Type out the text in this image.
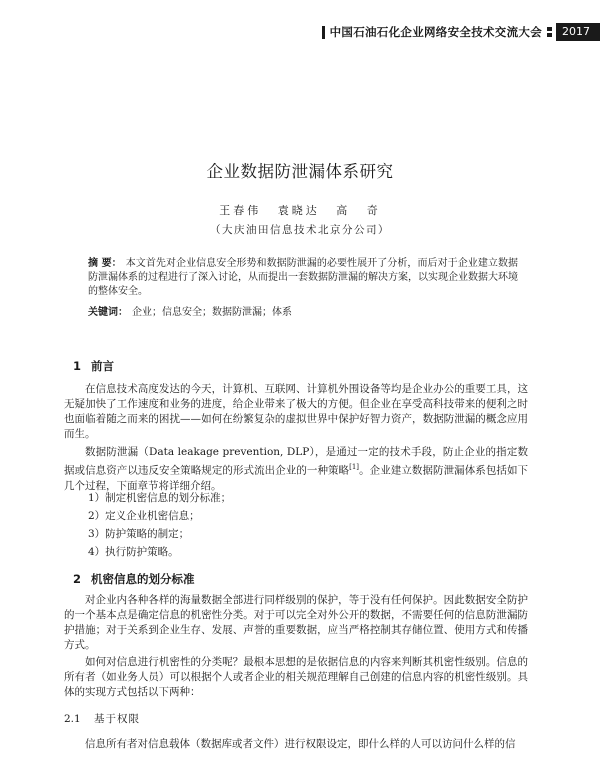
中国石油石化企业网络安全技术交流大会	2017
企业数据防泄漏体系研究
王春伟 袁晓达 高 奇
（大庆油田信息技术北京分公司）
摘 要： 本文首先对企业信息安全形势和数据防泄漏的必要性展开了分析，而后对于企业建立数据防泄漏体系的过程进行了深入讨论，从而提出一套数据防泄漏的解决方案，以实现企业数据大环境的整体安全。
关键词： 企业；信息安全；数据防泄漏；体系
1 前言
在信息技术高度发达的今天，计算机、互联网、计算机外围设备等均是企业办公的重要工具，这无疑加快了工作速度和业务的进度，给企业带来了极大的方便。但企业在享受高科技带来的便利之时也面临着随之而来的困扰——如何在纷繁复杂的虚拟世界中保护好智力资产，数据防泄漏的概念应用而生。
数据防泄漏（Data leakage prevention, DLP），是通过一定的技术手段，防止企业的指定数据或信息资产以违反安全策略规定的形式流出企业的一种策略[1]。企业建立数据防泄漏体系包括如下几个过程，下面章节将详细介绍。
1）制定机密信息的划分标准；
2）定义企业机密信息；
3）防护策略的制定；
4）执行防护策略。
2 机密信息的划分标准
对企业内各种各样的海量数据全部进行同样级别的保护，等于没有任何保护。因此数据安全防护的一个基本点是确定信息的机密性分类。对于可以完全对外公开的数据，不需要任何的信息防泄漏防护措施；对于关系到企业生存、发展、声誉的重要数据，应当严格控制其存储位置、使用方式和传播方式。
如何对信息进行机密性的分类呢？最根本思想的是依据信息的内容来判断其机密性级别。信息的所有者（如业务人员）可以根据个人或者企业的相关规范理解自己创建的信息内容的机密性级别。具体的实现方式包括以下两种：
2.1 基于权限
信息所有者对信息载体（数据库或者文件）进行权限设定，即什么样的人可以访问什么样的信
